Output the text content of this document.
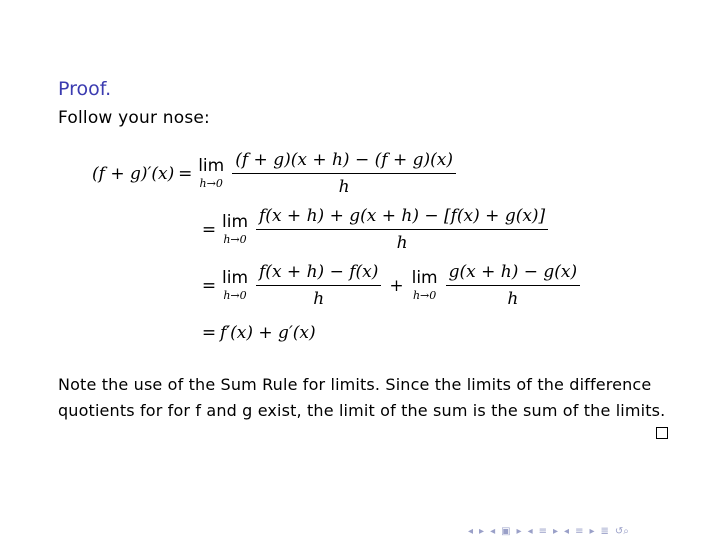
Proof.
Follow your nose:
(f + g)′(x) = lim
$h\to 0 \frac{(f + g)(x + h) - (f + g)(x)}{h}$
= lim
$h\to 0 \frac{f(x + h) + g(x + h) - [f(x) + g(x)]}{h}$
= lim
$h\to 0 \frac{f(x + h) - f(x)}{h} + \lim$
$h\to 0 \frac{g(x + h) - g(x)}{h}$
= f′(x) + g′(x)
Note the use of the Sum Rule for limits. Since the limits of the difference quotients for for f and g exist, the limit of the sum is the sum of the limits.
◂ ▸ ◂ ▣ ▸ ◂ ≡ ▸ ◂ ≡ ▸ ≣ ↺⌕
